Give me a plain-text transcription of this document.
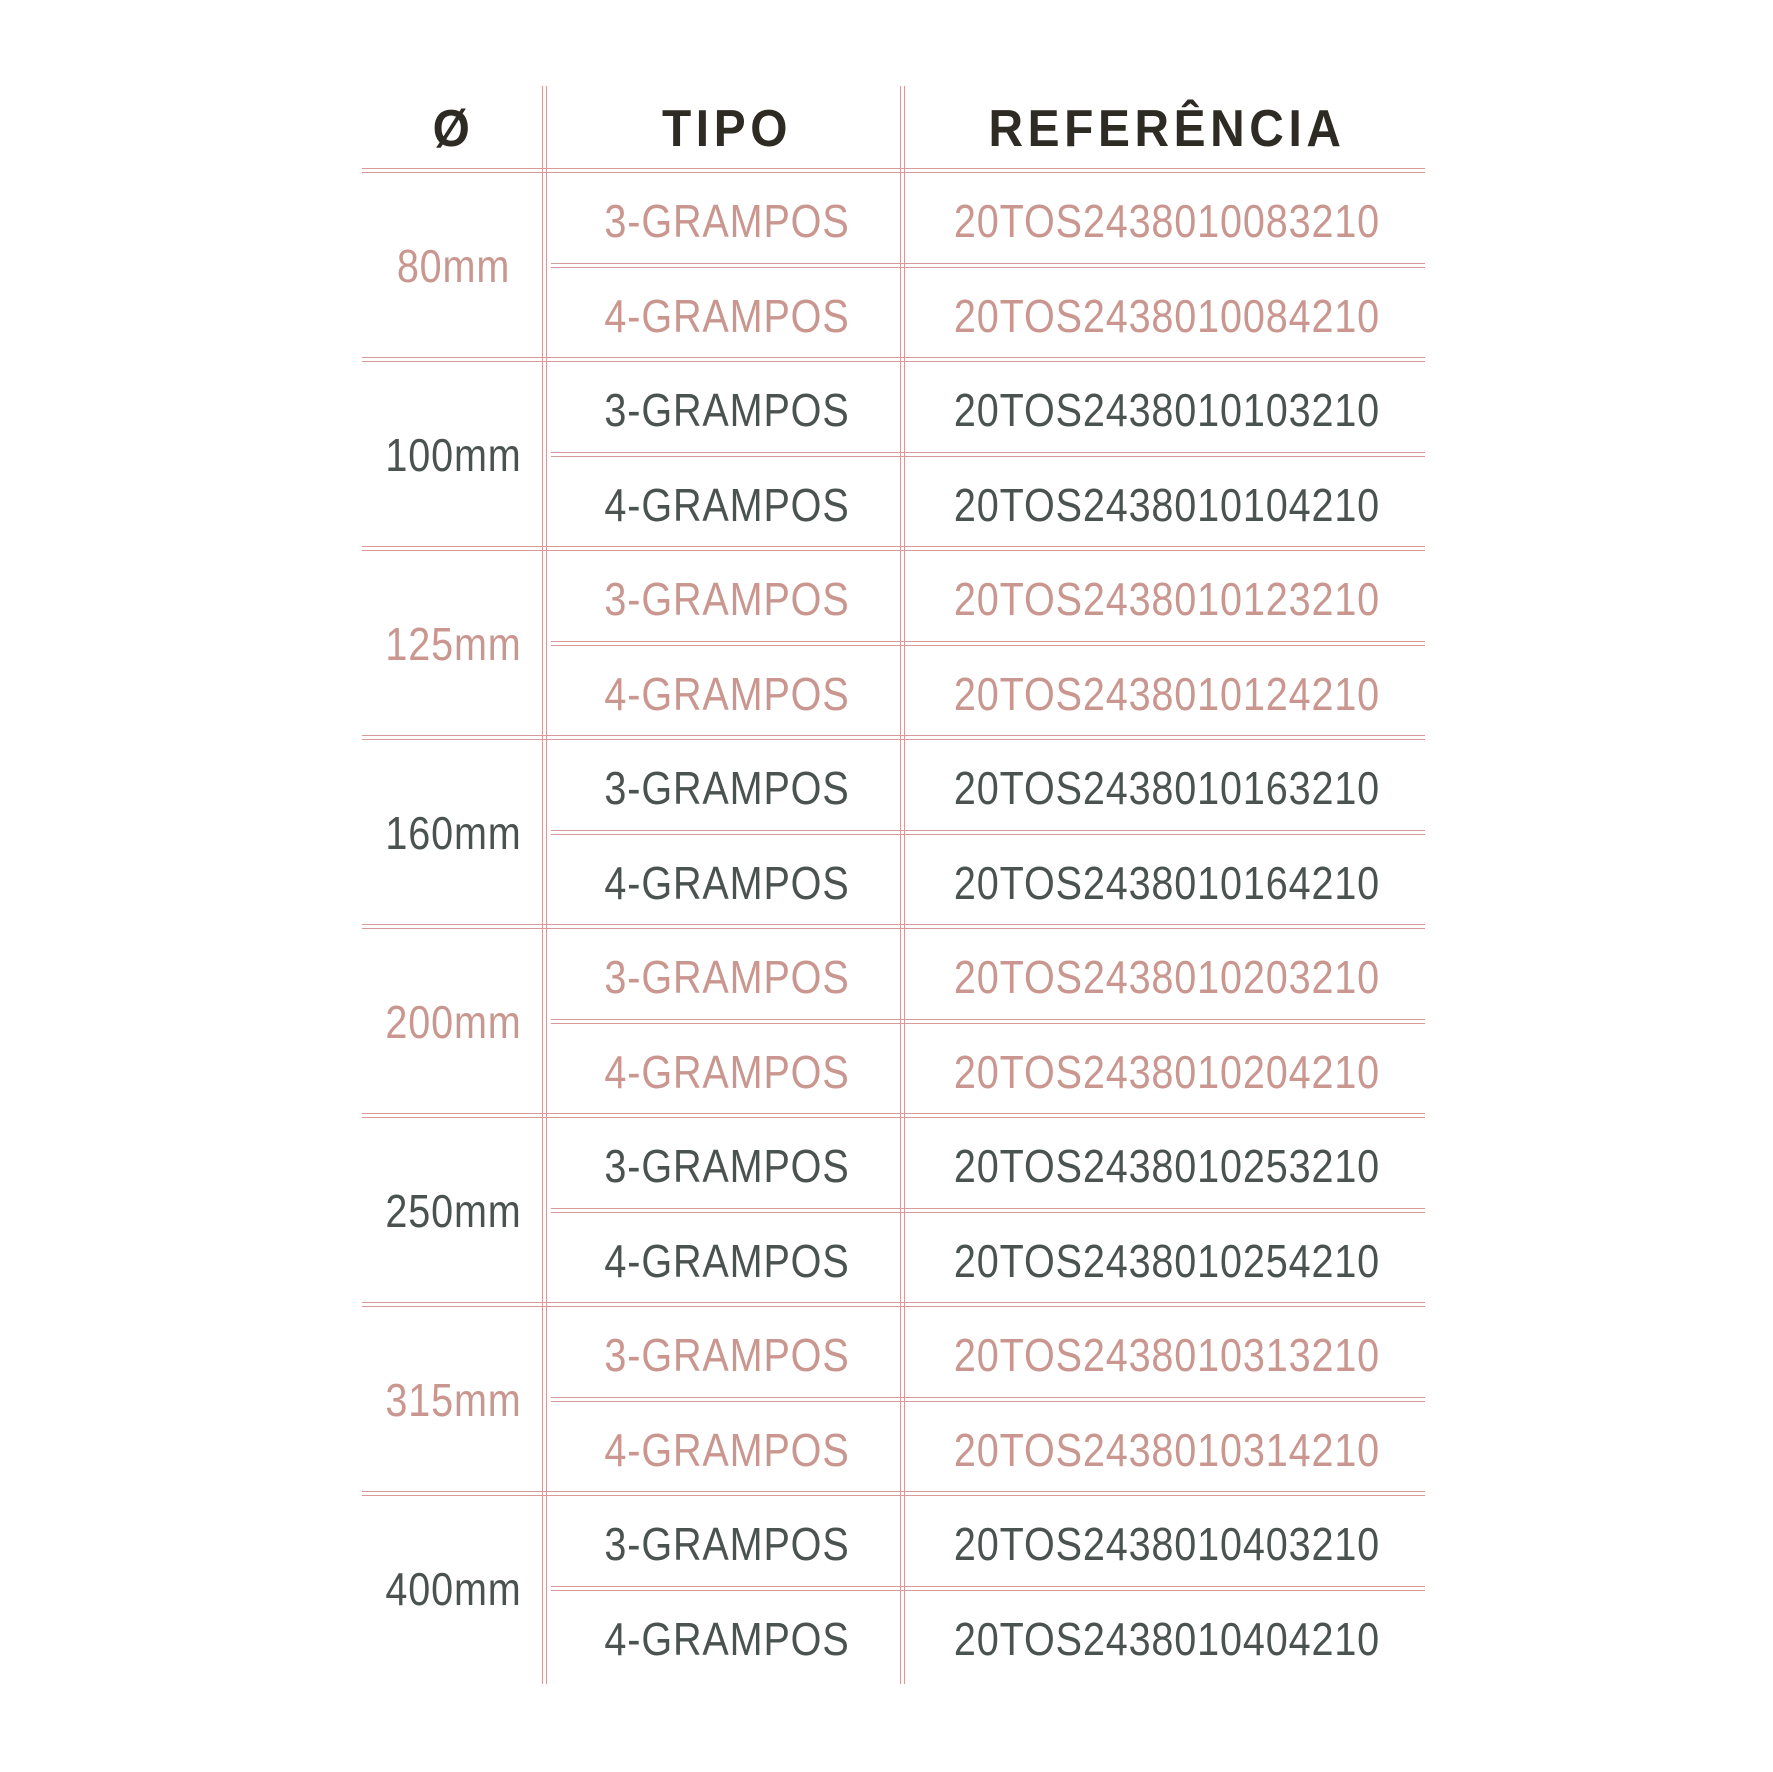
Ø	TIPO	REFERÊNCIA
80mm
3-GRAMPOS	20TOS2438010083210
4-GRAMPOS	20TOS2438010084210
100mm
3-GRAMPOS	20TOS2438010103210
4-GRAMPOS	20TOS2438010104210
125mm
3-GRAMPOS	20TOS2438010123210
4-GRAMPOS	20TOS2438010124210
160mm
3-GRAMPOS	20TOS2438010163210
4-GRAMPOS	20TOS2438010164210
200mm
3-GRAMPOS	20TOS2438010203210
4-GRAMPOS	20TOS2438010204210
250mm
3-GRAMPOS	20TOS2438010253210
4-GRAMPOS	20TOS2438010254210
315mm
3-GRAMPOS	20TOS2438010313210
4-GRAMPOS	20TOS2438010314210
400mm
3-GRAMPOS	20TOS2438010403210
4-GRAMPOS	20TOS2438010404210
